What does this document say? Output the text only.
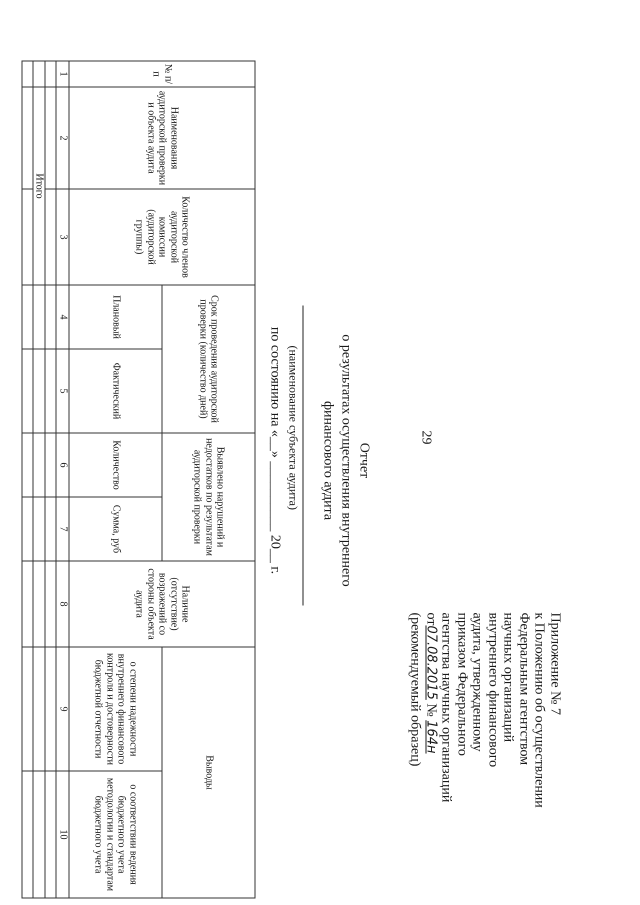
29
Приложение № 7
к Положению об осуществлении
Федеральным агентством
научных организаций
внутреннего финансового
аудита, утвержденному
приказом Федерального
агентства научных организаций
от07.08.2015 № 164н
(рекомендуемый образец)
Отчет
о результатах осуществления внутреннего
финансового аудита
(наименование субъекта аудита)
по состоянию на «__» __________ 20__ г.
№ п/п	Наименования аудиторской проверки и объекта аудита	Количество членов аудиторской комиссии (аудиторской группы)	Срок проведения аудиторской проверки (количество дней)		Выявлено нарушений и недостатков по результатам аудиторской проверки		Наличие (отсутствие) возражений со стороны объекта аудита	Выводы	
			Плановый	Фактический	Количество	Сумма, руб		о степени надежности внутреннего финансового контроля и достоверности бюджетной отчетности	о соответствии ведения бюджетного учета методологии и стандартам бюджетного учета
1	2	3	4	5	6	7	8	9	10

	Итого								
